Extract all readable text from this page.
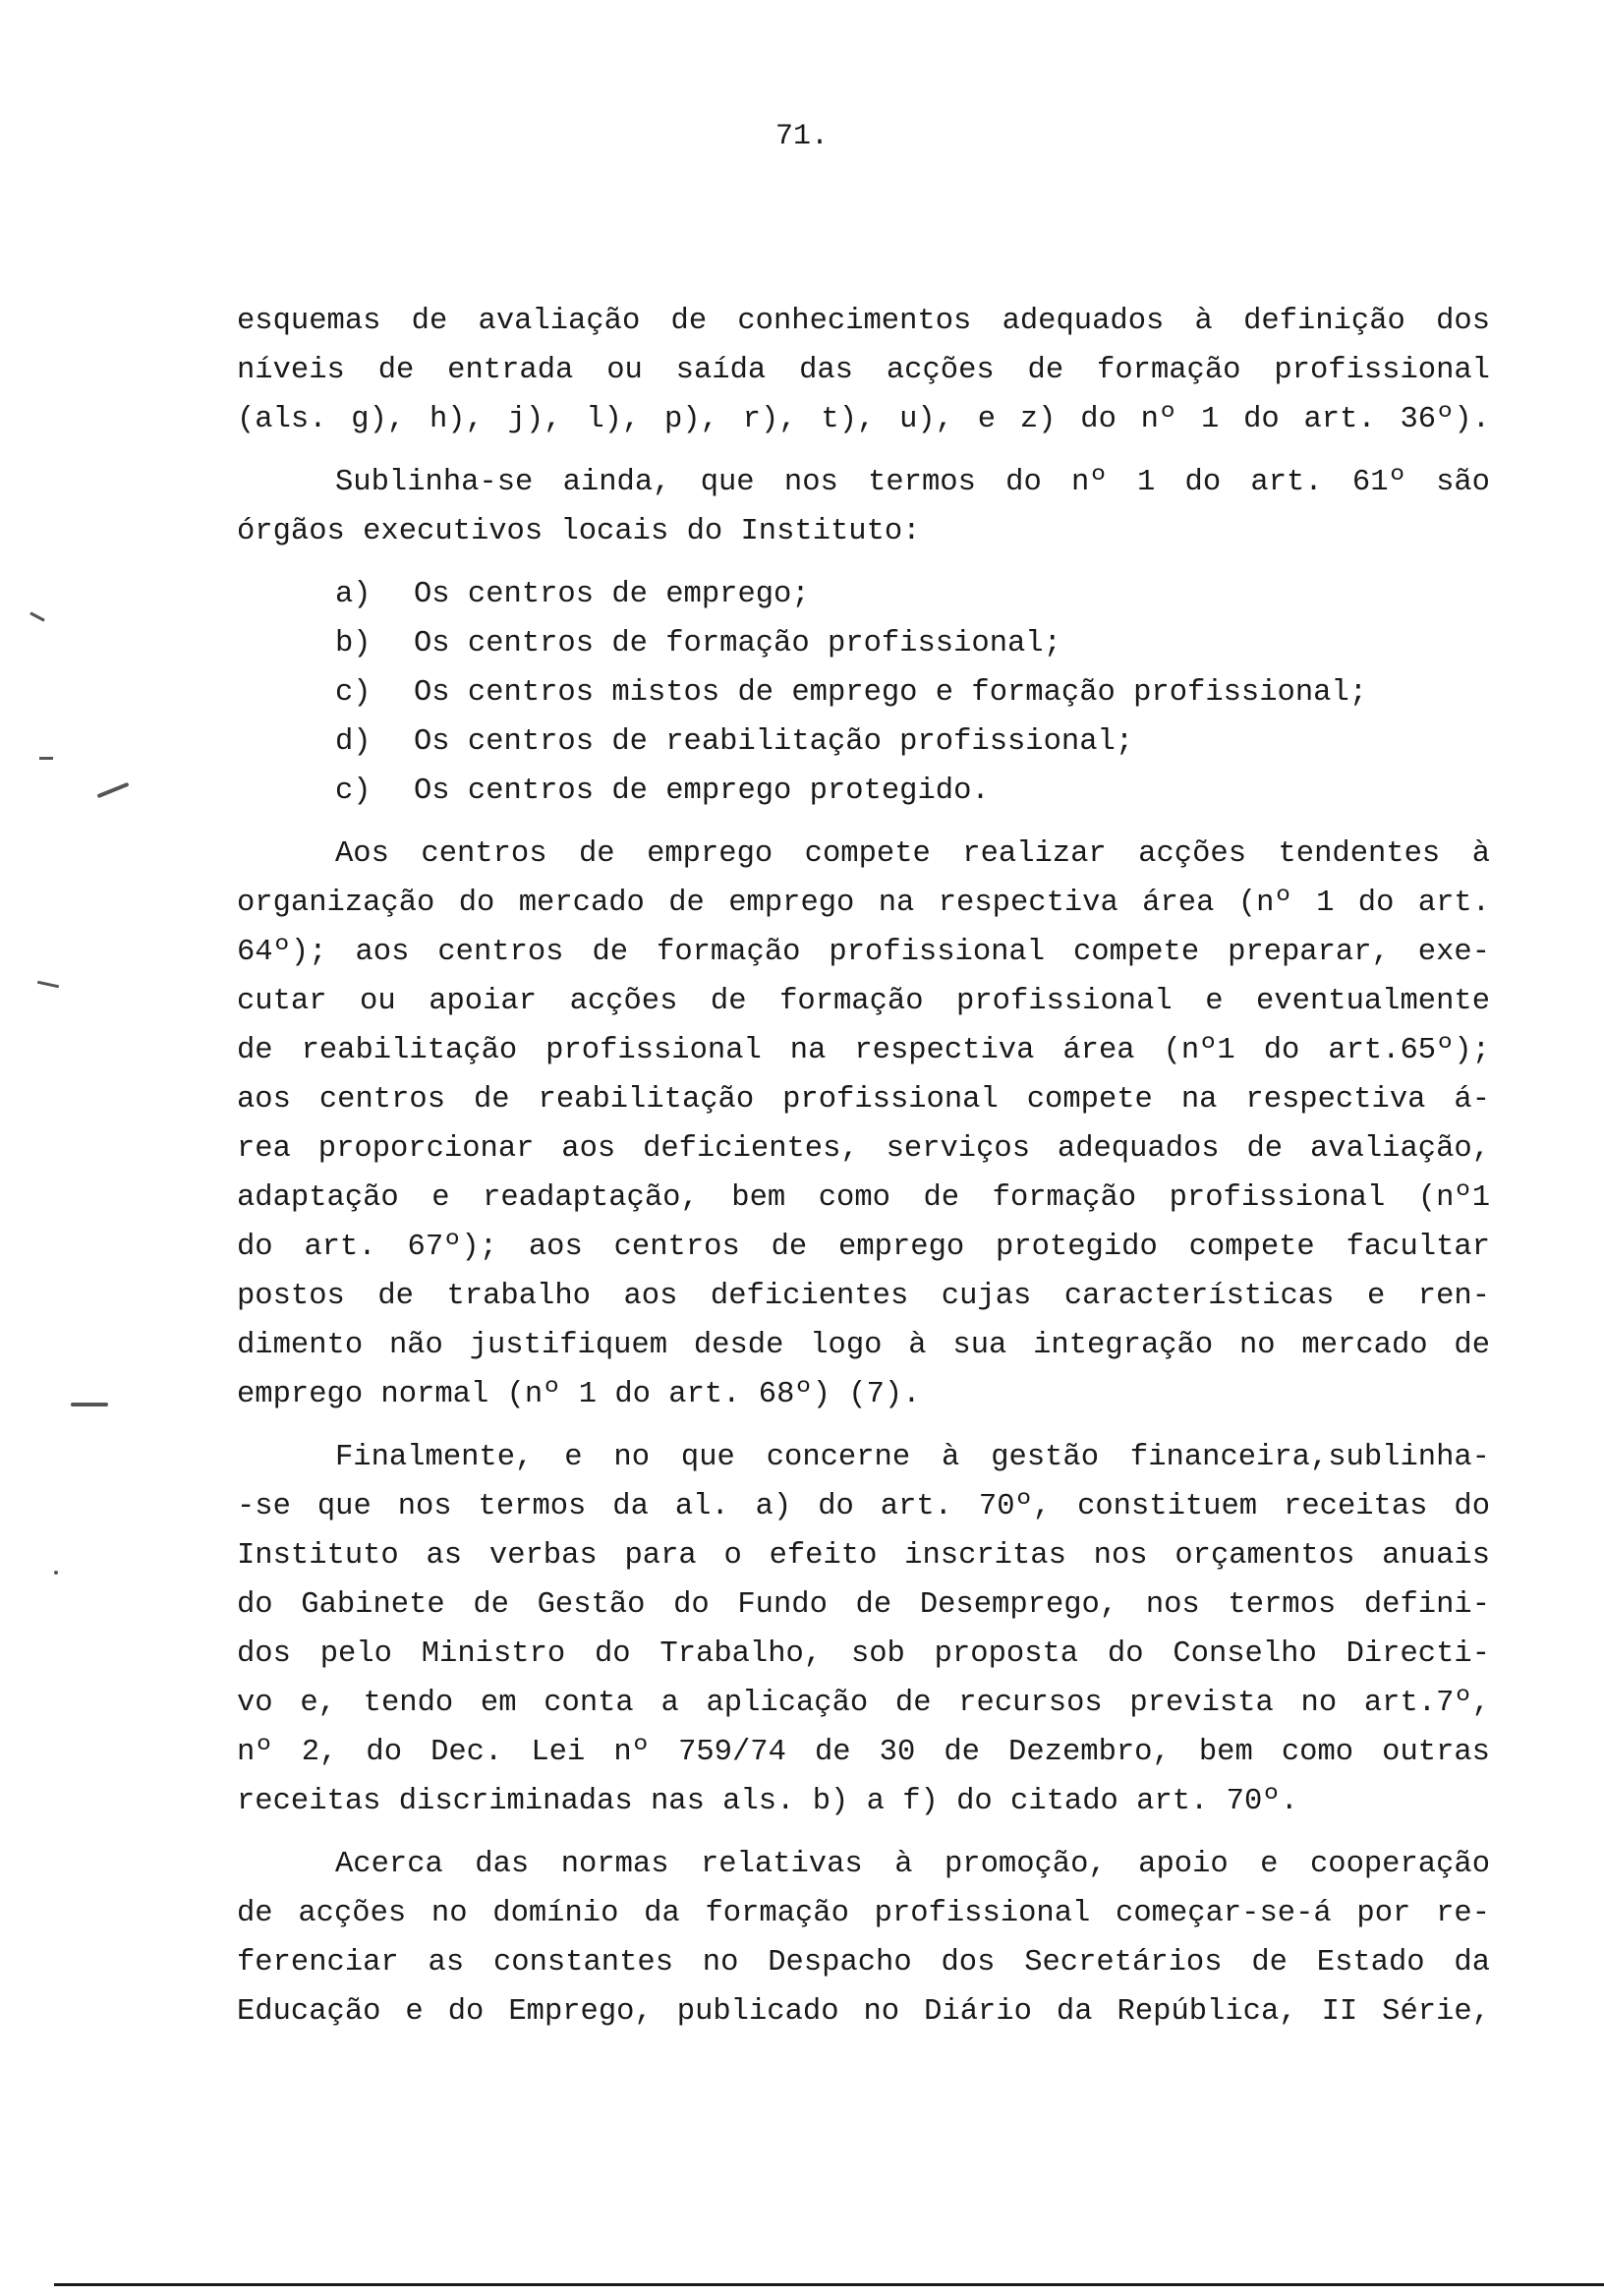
71.
esquemas de avaliação de conhecimentos adequados à definição dos
níveis de entrada ou saída das acções de formação profissional
(als. g), h), j), l), p), r), t), u), e z) do nº 1 do art. 36º).
Sublinha-se ainda, que nos termos do nº 1 do art. 61º são
órgãos executivos locais do Instituto:
a)	Os centros de emprego;
b)	Os centros de formação profissional;
c)	Os centros mistos de emprego e formação profissional;
d)	Os centros de reabilitação profissional;
c)	Os centros de emprego protegido.
Aos centros de emprego compete realizar acções tendentes à
organização do mercado de emprego na respectiva área (nº 1 do art.
64º); aos centros de formação profissional compete preparar, exe-
cutar ou apoiar acções de formação profissional e eventualmente
de reabilitação profissional na respectiva área (nº1 do art.65º);
aos centros de reabilitação profissional compete na respectiva á-
rea proporcionar aos deficientes, serviços adequados de avaliação,
adaptação e readaptação, bem como de formação profissional (nº1
do art. 67º); aos centros de emprego protegido compete facultar
postos de trabalho aos deficientes cujas características e ren-
dimento não justifiquem desde logo à sua integração no mercado de
emprego normal (nº 1 do art. 68º) (7).
Finalmente, e no que concerne à gestão financeira,sublinha-
-se que nos termos da al. a) do art. 70º, constituem receitas do
Instituto as verbas para o efeito inscritas nos orçamentos anuais
do Gabinete de Gestão do Fundo de Desemprego, nos termos defini-
dos pelo Ministro do Trabalho, sob proposta do Conselho Directi-
vo e, tendo em conta a aplicação de recursos prevista no art.7º,
nº 2, do Dec. Lei nº 759/74 de 30 de Dezembro, bem como outras
receitas discriminadas nas als. b) a f) do citado art. 70º.
Acerca das normas relativas à promoção, apoio e cooperação
de acções no domínio da formação profissional começar-se-á por re-
ferenciar as constantes no Despacho dos Secretários de Estado da
Educação e do Emprego, publicado no Diário da República, II Série,
